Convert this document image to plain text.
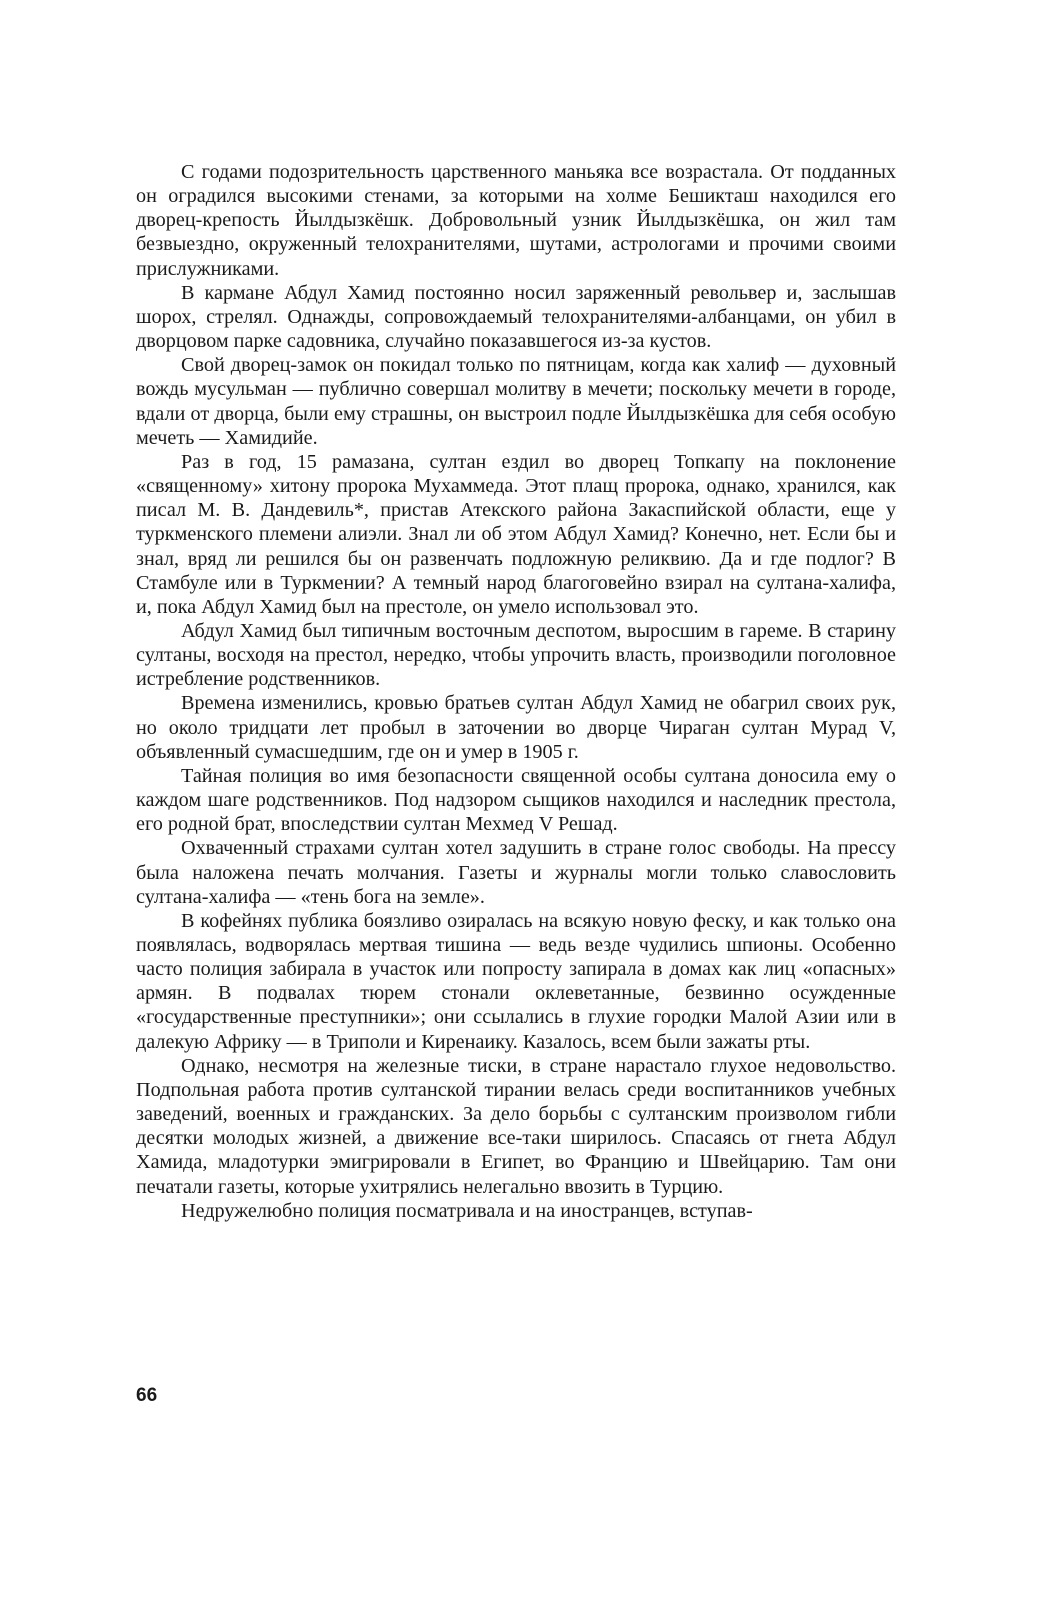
С годами подозрительность царственного маньяка все возрастала. От подданных он оградился высокими стенами, за которыми на холме Бешикташ находился его дворец-крепость Йылдызкёшк. Добровольный узник Йылдызкёшка, он жил там безвыездно, окруженный телохранителями, шутами, астрологами и прочими своими прислужниками.

В кармане Абдул Хамид постоянно носил заряженный револьвер и, заслышав шорох, стрелял. Однажды, сопровождаемый телохранителями-албанцами, он убил в дворцовом парке садовника, случайно показавшегося из-за кустов.

Свой дворец-замок он покидал только по пятницам, когда как халиф — духовный вождь мусульман — публично совершал молитву в мечети; поскольку мечети в городе, вдали от дворца, были ему страшны, он выстроил подле Йылдызкёшка для себя особую мечеть — Хамидийе.

Раз в год, 15 рамазана, султан ездил во дворец Топкапу на поклонение «священному» хитону пророка Мухаммеда. Этот плащ пророка, однако, хранился, как писал М. В. Дандевиль*, пристав Атекского района Закаспийской области, еще у туркменского племени алиэли. Знал ли об этом Абдул Хамид? Конечно, нет. Если бы и знал, вряд ли решился бы он развенчать подложную реликвию. Да и где подлог? В Стамбуле или в Туркмении? А темный народ благоговейно взирал на султана-халифа, и, пока Абдул Хамид был на престоле, он умело использовал это.

Абдул Хамид был типичным восточным деспотом, выросшим в гареме. В старину султаны, восходя на престол, нередко, чтобы упрочить власть, производили поголовное истребление родственников.

Времена изменились, кровью братьев султан Абдул Хамид не обагрил своих рук, но около тридцати лет пробыл в заточении во дворце Чираган султан Мурад V, объявленный сумасшедшим, где он и умер в 1905 г.

Тайная полиция во имя безопасности священной особы султана доносила ему о каждом шаге родственников. Под надзором сыщиков находился и наследник престола, его родной брат, впоследствии султан Мехмед V Решад.

Охваченный страхами султан хотел задушить в стране голос свободы. На прессу была наложена печать молчания. Газеты и журналы могли только славословить султана-халифа — «тень бога на земле».

В кофейнях публика боязливо озиралась на всякую новую феску, и как только она появлялась, водворялась мертвая тишина — ведь везде чудились шпионы. Особенно часто полиция забирала в участок или попросту запирала в домах как лиц «опасных» армян. В подвалах тюрем стонали оклеветанные, безвинно осужденные «государственные преступники»; они ссылались в глухие городки Малой Азии или в далекую Африку — в Триполи и Киренаику. Казалось, всем были зажаты рты.

Однако, несмотря на железные тиски, в стране нарастало глухое недовольство. Подпольная работа против султанской тирании велась среди воспитанников учебных заведений, военных и гражданских. За дело борьбы с султанским произволом гибли десятки молодых жизней, а движение все-таки ширилось. Спасаясь от гнета Абдул Хамида, младотурки эмигрировали в Египет, во Францию и Швейцарию. Там они печатали газеты, которые ухитрялись нелегально ввозить в Турцию.

Недружелюбно полиция посматривала и на иностранцев, вступав-

66
